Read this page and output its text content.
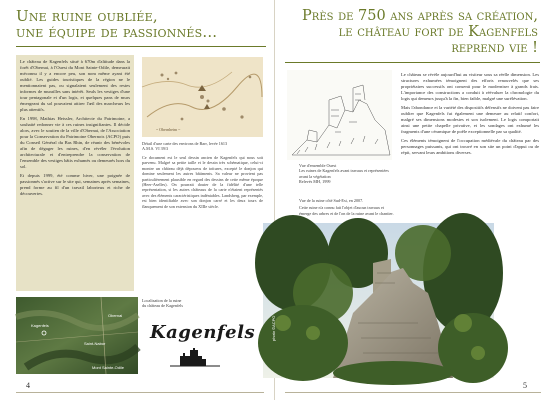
Une ruine oubliée,
une équipe de passionnés...

Le château de Kagenfels situé à 670m d'altitude dans la forêt d'Obernai, à l'Ouest du Mont Sainte-Odile, demeurait méconnu il y a encore peu, son nom même ayant été oublié. Les guides touristiques de la région ne le mentionnaient pas, ou signalaient seulement des restes informes de murailles sans intérêt. Seuls les vestiges d'une tour pentagonale et d'un logis, et quelques pans de murs émergeant du sol pouvaient attirer l'œil des marcheurs les plus attentifs.

En 1998, Mathias Heissler, Architecte du Patrimoine, a souhaité redonner vie à ces ruines insignifiantes. Il décide alors, avec le soutien de la ville d'Obernai, de l'Association pour la Conservation du Patrimoine Obernois (ACPO) puis du Conseil Général du Bas Rhin, de réunir des bénévoles afin de dégager les ruines, d'en révéler l'évolution architecturale et d'entreprendre la conservation de l'ensemble des vestiges bâtis exhumés ou demeurés hors du sol.

Et depuis 1999, été comme hiver, une poignée de passionnés s'active sur le site qui, semaines après semaines, prend forme au fil d'un travail laborieux et riche de découvertes.

~ Obernheim ~
Détail d'une carte des environs de Barr, levée 1613
A.M.S. VI 39/3
Ce document est le seul dessin ancien de Kagenfels qui nous soit parvenu. Malgré sa petite taille et le dessin très schématique, celui-ci montre un château déjà dépourvu de toitures, excepté le donjon qui domine seulement les autres bâtiments. Sa valeur ne provient pas particulièrement plausible en regard des dessins de cette même époque (Heer-Aselles). On pourrait douter de la fidélité d'une telle représentation, si les autres châteaux de la carte n'étaient représentés avec des éléments caractéristiques indéniables. Landsberg, par exemple, est bien identifiable avec son donjon carré et les deux tours de flanquement de son extension du XIIIe siècle.
Obernai
Kagenfels
Saint-Nabor
Mont Sainte-Odile
Localisation de la ruine
du château de Kagenfels
Kagenfels
4
Près de 750 ans après sa création,
le château fort de Kagenfels
reprend vie !
Vue d'ensemble Ouest
Les ruines de Kagenfels avant travaux et représentées
avant la végétation
Relevés MH, 1999
Vue de la ruine côté Sud-Est, en 2007.
Cette ruine n'a connu fait l'objet d'aucun travaux et émerge des arbres et de l'on de la ruine avant le chantier.

Le château se révèle aujourd'hui au visiteur sous sa réelle dimension. Les structures exhumées témoignent des efforts renouvelés que ses propriétaires successifs ont consenti pour le moderniser à grands frais. L'importance des constructions a conduit à réévaluer la chronologie du logis qui demeurs jusqu'à la fin, bien faible, malgré une surélévation.

Mais l'abondance et la variété des dispositifs défensifs ne doivent pas faire oublier que Kagenfels fut également une demeure au relatif confort, malgré ses dimensions modestes et son isolement. Le logis comportait ainsi une petite chapelle privative, et les sondages ont exhumé les fragments d'une céramique de poêle exceptionnelle par sa qualité.

Ces éléments témoignent de l'occupation médiévale du château par des personnages puissants, qui ont trouvé en son site un point d'appui ou de répit, servant leurs ambitions diverses.

photo ©ACPO
5
